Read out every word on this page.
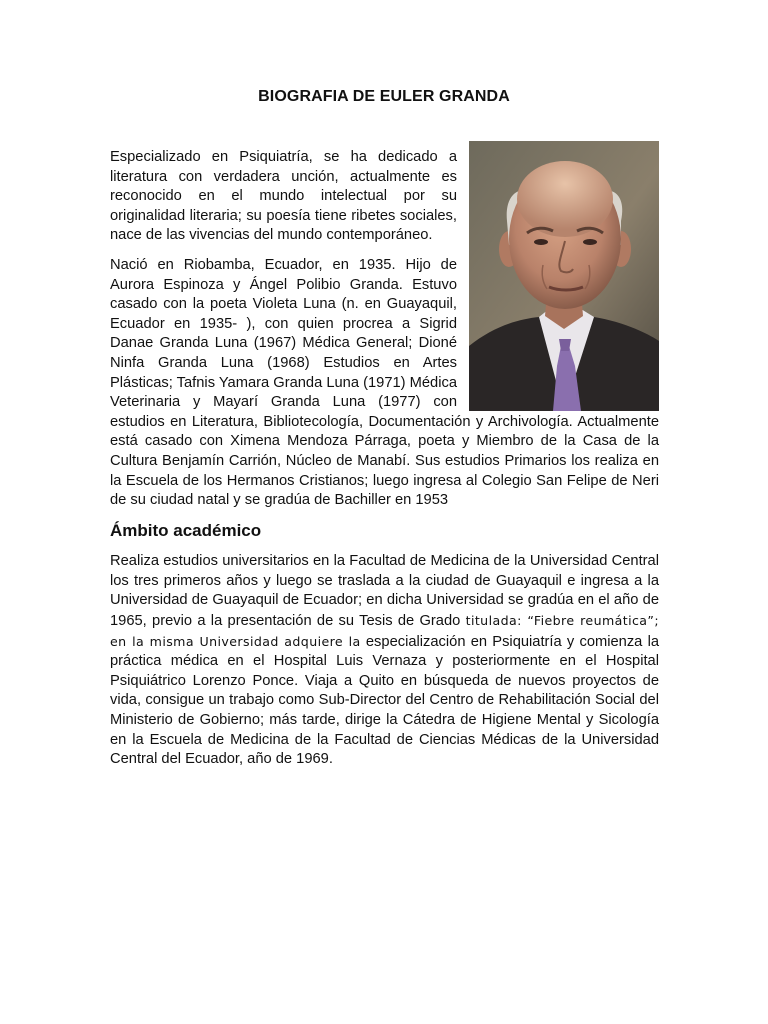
BIOGRAFIA DE EULER GRANDA

Especializado en Psiquiatría, se ha dedicado a literatura con verdadera unción, actualmente es reconocido en el mundo intelectual por su originalidad literaria; su poesía tiene ribetes sociales, nace de las vivencias del mundo contemporáneo.

Nació en Riobamba, Ecuador, en 1935. Hijo de Aurora Espinoza y Ángel Polibio Granda. Estuvo casado con la poeta Violeta Luna (n. en Guayaquil, Ecuador en 1935- ), con quien procrea a Sigrid Danae Granda Luna (1967) Médica General; Dioné Ninfa Granda Luna (1968) Estudios en Artes Plásticas; Tafnis Yamara Granda Luna (1971) Médica Veterinaria y Mayarí Granda Luna (1977) con estudios en Literatura, Bibliotecología, Documentación y Archivología. Actualmente está casado con Ximena Mendoza Párraga, poeta y Miembro de la Casa de la Cultura Benjamín Carrión, Núcleo de Manabí. Sus estudios Primarios los realiza en la Escuela de los Hermanos Cristianos; luego ingresa al Colegio San Felipe de Neri de su ciudad natal y se gradúa de Bachiller en 1953

Ámbito académico

Realiza estudios universitarios en la Facultad de Medicina de la Universidad Central los tres primeros años y luego se traslada a la ciudad de Guayaquil e ingresa a la Universidad de Guayaquil de Ecuador; en dicha Universidad se gradúa en el año de 1965, previo a la presentación de su Tesis de Grado titulada: “Fiebre reumática”; en la misma Universidad adquiere la especialización en Psiquiatría y comienza la práctica médica en el Hospital Luis Vernaza y posteriormente en el Hospital Psiquiátrico Lorenzo Ponce. Viaja a Quito en búsqueda de nuevos proyectos de vida, consigue un trabajo como Sub-Director del Centro de Rehabilitación Social del Ministerio de Gobierno; más tarde, dirige la Cátedra de Higiene Mental y Sicología en la Escuela de Medicina de la Facultad de Ciencias Médicas de la Universidad Central del Ecuador, año de 1969.
